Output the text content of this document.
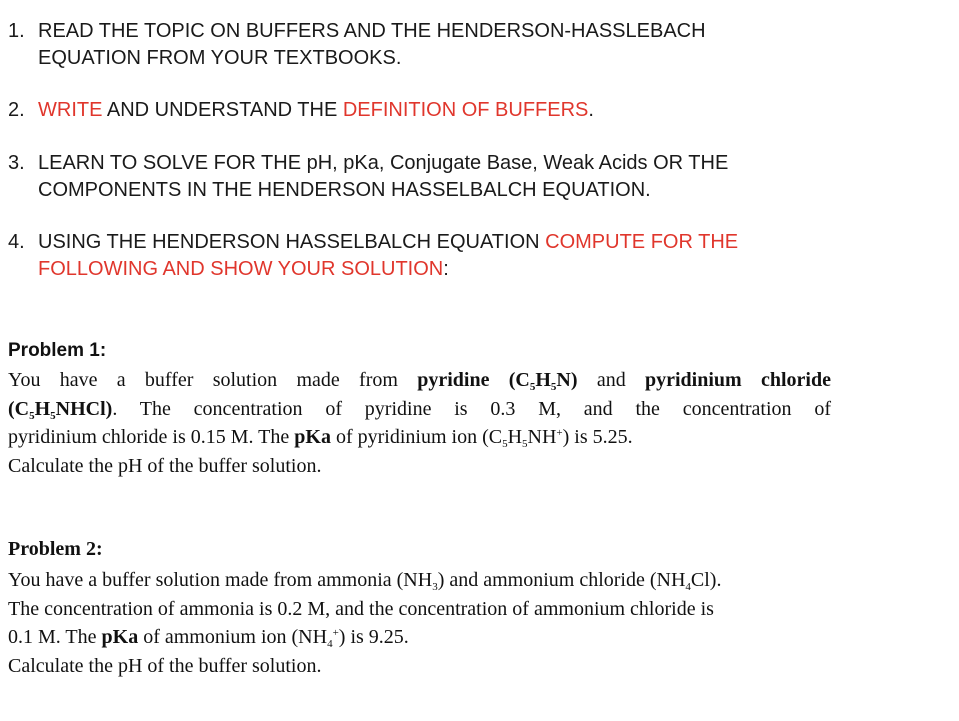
1. READ THE TOPIC ON BUFFERS AND THE HENDERSON-HASSLEBACH
EQUATION FROM YOUR TEXTBOOKS.
2. WRITE AND UNDERSTAND THE DEFINITION OF BUFFERS.
3. LEARN TO SOLVE FOR THE pH, pKa, Conjugate Base, Weak Acids OR THE
COMPONENTS IN THE HENDERSON HASSELBALCH EQUATION.
4. USING THE HENDERSON HASSELBALCH EQUATION COMPUTE FOR THE
FOLLOWING AND SHOW YOUR SOLUTION:
Problem 1:
You have a buffer solution made from pyridine $(C_5H_5N)$ and pyridinium chloride
$(C_5H_5NHCl)$. The concentration of pyridine is 0.3 M, and the concentration of
pyridinium chloride is 0.15 M. The pKa of pyridinium ion $(C_5H_5NH^+)$ is 5.25.
Calculate the pH of the buffer solution.
Problem 2:
You have a buffer solution made from ammonia $(NH_3)$ and ammonium chloride $(NH_4Cl)$.
The concentration of ammonia is 0.2 M, and the concentration of ammonium chloride is
0.1 M. The pKa of ammonium ion $(NH_4^+)$ is 9.25.
Calculate the pH of the buffer solution.
